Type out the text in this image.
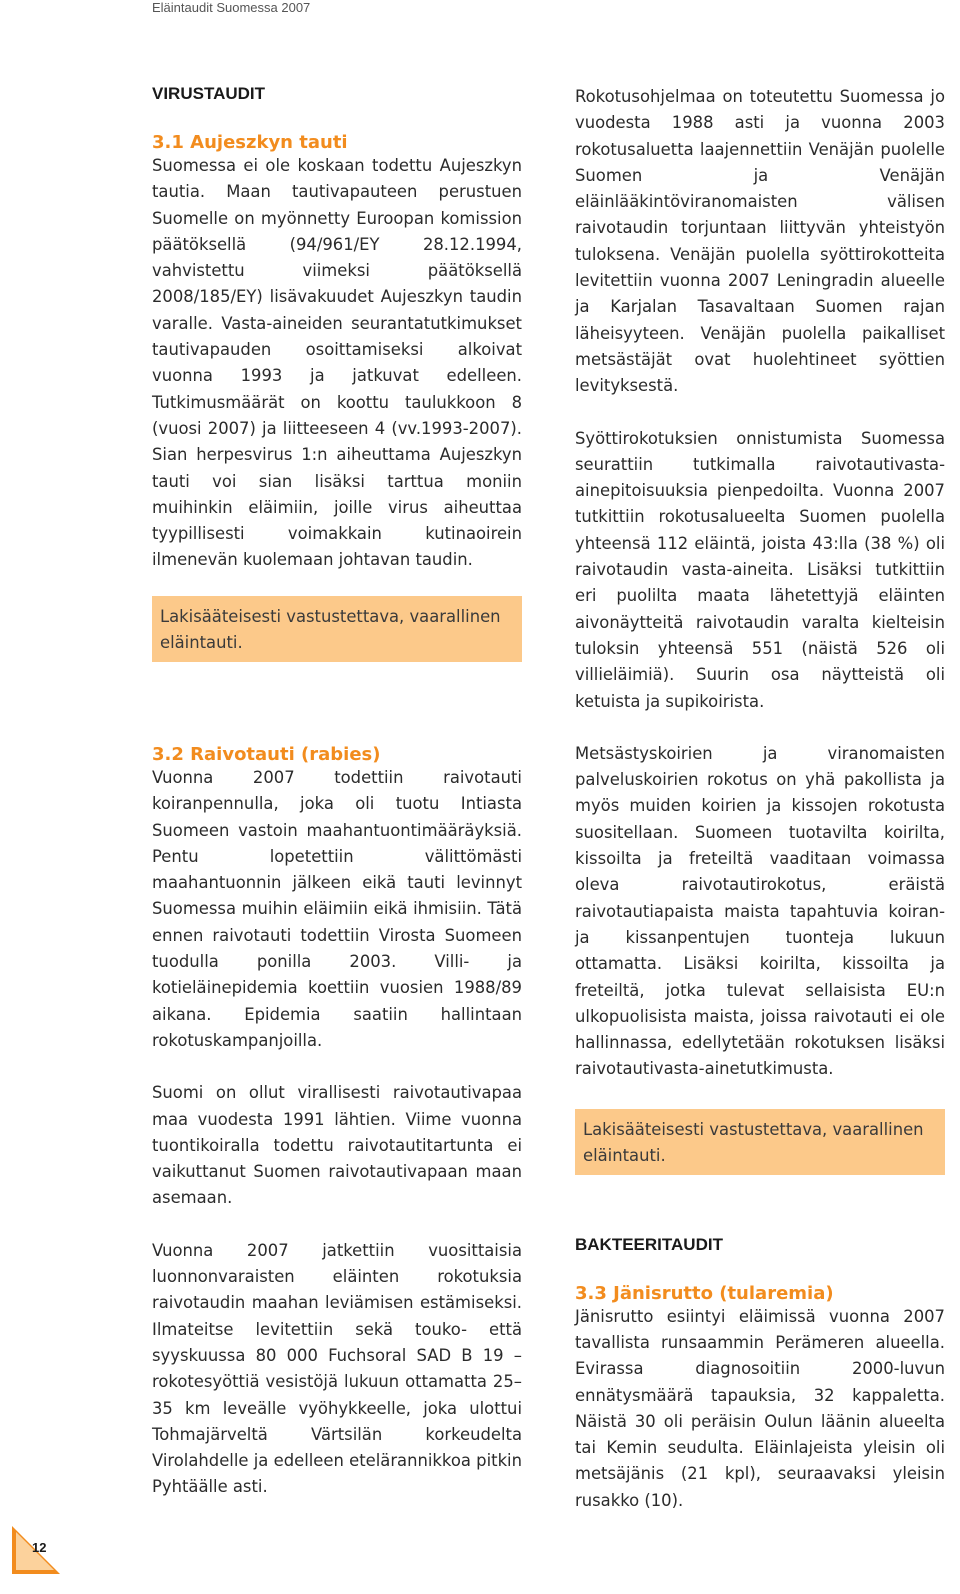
Eläintaudit Suomessa 2007
VIRUSTAUDIT
3.1 Aujeszkyn tauti

Suomessa ei ole koskaan todettu Aujeszkyn tautia. Maan tautivapauteen perustuen Suomelle on myönnetty Euroopan komission päätöksellä (94/961/EY 28.12.1994, vahvistettu viimeksi päätöksellä 2008/185/EY) lisävakuudet Aujeszkyn taudin varalle. Vasta-aineiden seurantatutkimukset tautivapauden osoittamiseksi alkoivat vuonna 1993 ja jatkuvat edelleen. Tutkimusmäärät on koottu taulukkoon 8 (vuosi 2007) ja liitteeseen 4 (vv.1993-2007). Sian herpesvirus 1:n aiheuttama Aujeszkyn tauti voi sian lisäksi tarttua moniin muihinkin eläimiin, joille virus aiheuttaa tyypillisesti voimakkain kutinaoirein ilmenevän kuolemaan johtavan taudin.

Lakisääteisesti vastustettava, vaarallinen eläintauti.
3.2 Raivotauti (rabies)

Vuonna 2007 todettiin raivotauti koiranpennulla, joka oli tuotu Intiasta Suomeen vastoin maahantuontimääräyksiä. Pentu lopetettiin välittömästi maahantuonnin jälkeen eikä tauti levinnyt Suomessa muihin eläimiin eikä ihmisiin. Tätä ennen raivotauti todettiin Virosta Suomeen tuodulla ponilla 2003. Villi- ja kotieläinepidemia koettiin vuosien 1988/89 aikana. Epidemia saatiin hallintaan rokotuskampanjoilla.

Suomi on ollut virallisesti raivotautivapaa maa vuodesta 1991 lähtien. Viime vuonna tuontikoiralla todettu raivotautitartunta ei vaikuttanut Suomen raivotautivapaan maan asemaan.

Vuonna 2007 jatkettiin vuosittaisia luonnonvaraisten eläinten rokotuksia raivotaudin maahan leviämisen estämiseksi. Ilmateitse levitettiin sekä touko- että syyskuussa 80 000 Fuchsoral SAD B 19 – rokotesyöttiä vesistöjä lukuun ottamatta 25–35 km leveälle vyöhykkeelle, joka ulottui Tohmajärveltä Värtsilän korkeudelta Virolahdelle ja edelleen etelärannikkoa pitkin Pyhtäälle asti.

Rokotusohjelmaa on toteutettu Suomessa jo vuodesta 1988 asti ja vuonna 2003 rokotusaluetta laajennettiin Venäjän puolelle Suomen ja Venäjän eläinlääkintöviranomaisten välisen raivotaudin torjuntaan liittyvän yhteistyön tuloksena. Venäjän puolella syöttirokotteita levitettiin vuonna 2007 Leningradin alueelle ja Karjalan Tasavaltaan Suomen rajan läheisyyteen. Venäjän puolella paikalliset metsästäjät ovat huolehtineet syöttien levityksestä.

Syöttirokotuksien onnistumista Suomessa seurattiin tutkimalla raivotautivasta-ainepitoisuuksia pienpedoilta. Vuonna 2007 tutkittiin rokotusalueelta Suomen puolella yhteensä 112 eläintä, joista 43:lla (38 %) oli raivotaudin vasta-aineita. Lisäksi tutkittiin eri puolilta maata lähetettyjä eläinten aivonäytteitä raivotaudin varalta kielteisin tuloksin yhteensä 551 (näistä 526 oli villieläimiä). Suurin osa näytteistä oli ketuista ja supikoirista.

Metsästyskoirien ja viranomaisten palveluskoirien rokotus on yhä pakollista ja myös muiden koirien ja kissojen rokotusta suositellaan. Suomeen tuotavilta koirilta, kissoilta ja freteiltä vaaditaan voimassa oleva raivotautirokotus, eräistä raivotautiapaista maista tapahtuvia koiran- ja kissanpentujen tuonteja lukuun ottamatta. Lisäksi koirilta, kissoilta ja freteiltä, jotka tulevat sellaisista EU:n ulkopuolisista maista, joissa raivotauti ei ole hallinnassa, edellytetään rokotuksen lisäksi raivotautivasta-ainetutkimusta.

Lakisääteisesti vastustettava, vaarallinen eläintauti.
BAKTEERITAUDIT
3.3 Jänisrutto (tularemia)

Jänisrutto esiintyi eläimissä vuonna 2007 tavallista runsaammin Perämeren alueella. Evirassa diagnosoitiin 2000-luvun ennätysmäärä tapauksia, 32 kappaletta. Näistä 30 oli peräisin Oulun läänin alueelta tai Kemin seudulta. Eläinlajeista yleisin oli metsäjänis (21 kpl), seuraavaksi yleisin rusakko (10).

12
